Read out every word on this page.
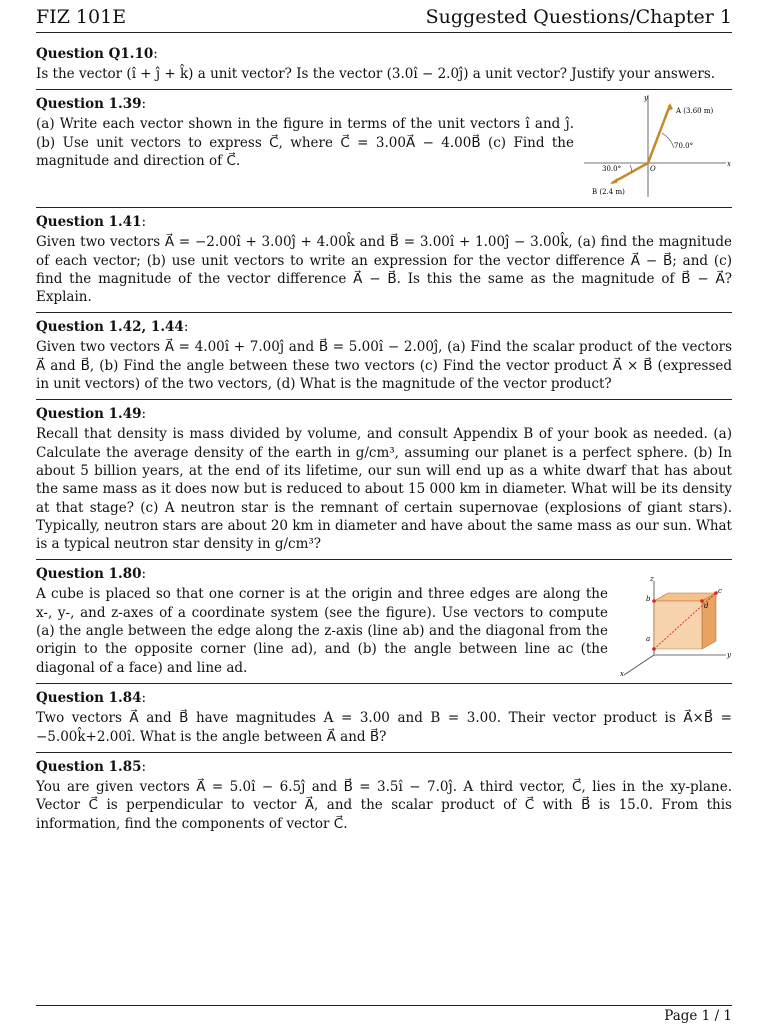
FIZ 101E	Suggested Questions/Chapter 1
Question Q1.10:
Is the vector (î + ĵ + k̂) a unit vector? Is the vector (3.0î − 2.0ĵ) a unit vector? Justify your answers.
Question 1.39:
(a) Write each vector shown in the figure in terms of the unit vectors î and ĵ. (b) Use unit vectors to express C⃗, where C⃗ = 3.00A⃗ − 4.00B⃗ (c) Find the magnitude and direction of C⃗.	x
y
A (3.60 m)
70.0°
30.0°	O
B (2.4 m)
Question 1.41:
Given two vectors A⃗ = −2.00î + 3.00ĵ + 4.00k̂ and B⃗ = 3.00î + 1.00ĵ − 3.00k̂, (a) find the magnitude of each vector; (b) use unit vectors to write an expression for the vector difference A⃗ − B⃗; and (c) find the magnitude of the vector difference A⃗ − B⃗. Is this the same as the magnitude of B⃗ − A⃗? Explain.
Question 1.42, 1.44:
Given two vectors A⃗ = 4.00î + 7.00ĵ and B⃗ = 5.00î − 2.00ĵ, (a) Find the scalar product of the vectors A⃗ and B⃗, (b) Find the angle between these two vectors (c) Find the vector product A⃗ × B⃗ (expressed in unit vectors) of the two vectors, (d) What is the magnitude of the vector product?
Question 1.49:
Recall that density is mass divided by volume, and consult Appendix B of your book as needed. (a) Calculate the average density of the earth in g/cm³, assuming our planet is a perfect sphere. (b) In about 5 billion years, at the end of its lifetime, our sun will end up as a white dwarf that has about the same mass as it does now but is reduced to about 15 000 km in diameter. What will be its density at that stage? (c) A neutron star is the remnant of certain supernovae (explosions of giant stars). Typically, neutron stars are about 20 km in diameter and have about the same mass as our sun. What is a typical neutron star density in g/cm³?
Question 1.80:
A cube is placed so that one corner is at the origin and three edges are along the x-, y-, and z-axes of a coordinate system (see the figure). Use vectors to compute (a) the angle between the edge along the z-axis (line ab) and the diagonal from the origin to the opposite corner (line ad), and (b) the angle between line ac (the diagonal of a face) and line ad.
z
y
x
b
c
a
d
Question 1.84:
Two vectors A⃗ and B⃗ have magnitudes A = 3.00 and B = 3.00. Their vector product is A⃗×B⃗ = −5.00k̂+2.00î. What is the angle between A⃗ and B⃗?
Question 1.85:
You are given vectors A⃗ = 5.0î − 6.5ĵ and B⃗ = 3.5î − 7.0ĵ. A third vector, C⃗, lies in the xy-plane. Vector C⃗ is perpendicular to vector A⃗, and the scalar product of C⃗ with B⃗ is 15.0. From this information, find the components of vector C⃗.
Page 1 / 1
